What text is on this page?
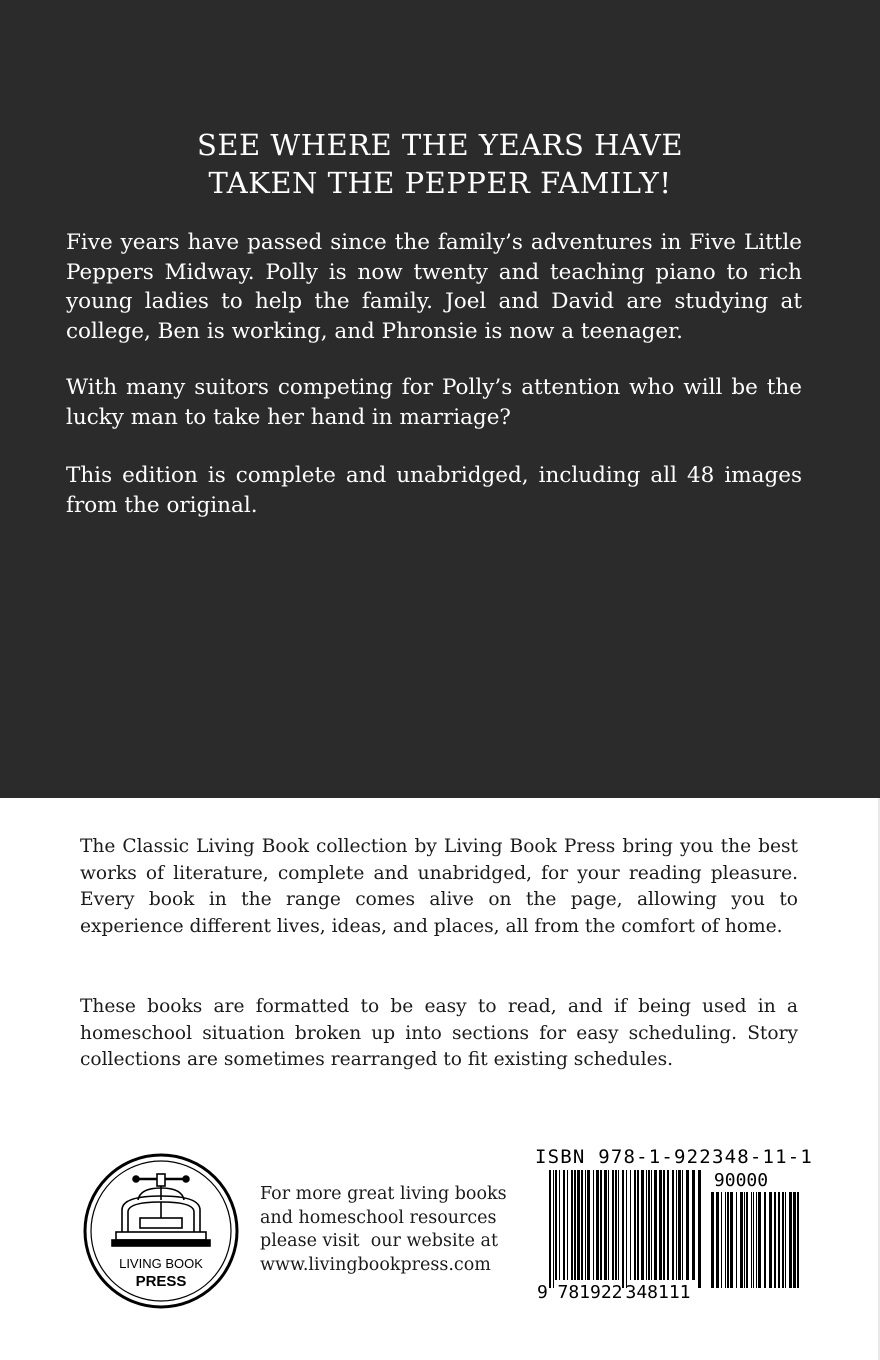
SEE WHERE THE YEARS HAVE
TAKEN THE PEPPER FAMILY!

Five years have passed since the family’s adventures in Five Little Peppers Midway. Polly is now twenty and teaching piano to rich young ladies to help the family. Joel and David are studying at college, Ben is working, and Phronsie is now a teenager.

With many suitors competing for Polly’s attention who will be the lucky man to take her hand in marriage?

This edition is complete and unabridged, including all 48 images from the original.

The Classic Living Book collection by Living Book Press bring you the best works of literature, complete and unabridged, for your reading pleasure. Every book in the range comes alive on the page, allowing you to experience different lives, ideas, and places, all from the comfort of home.

These books are formatted to be easy to read, and if being used in a homeschool situation broken up into sections for easy scheduling. Story collections are sometimes rearranged to fit existing schedules.

LIVING BOOK
PRESS
For more great living books
and homeschool resources
please visit  our website at
www.livingbookpress.com
ISBN 978-1-922348-11-1
90000
9 781922 348111
